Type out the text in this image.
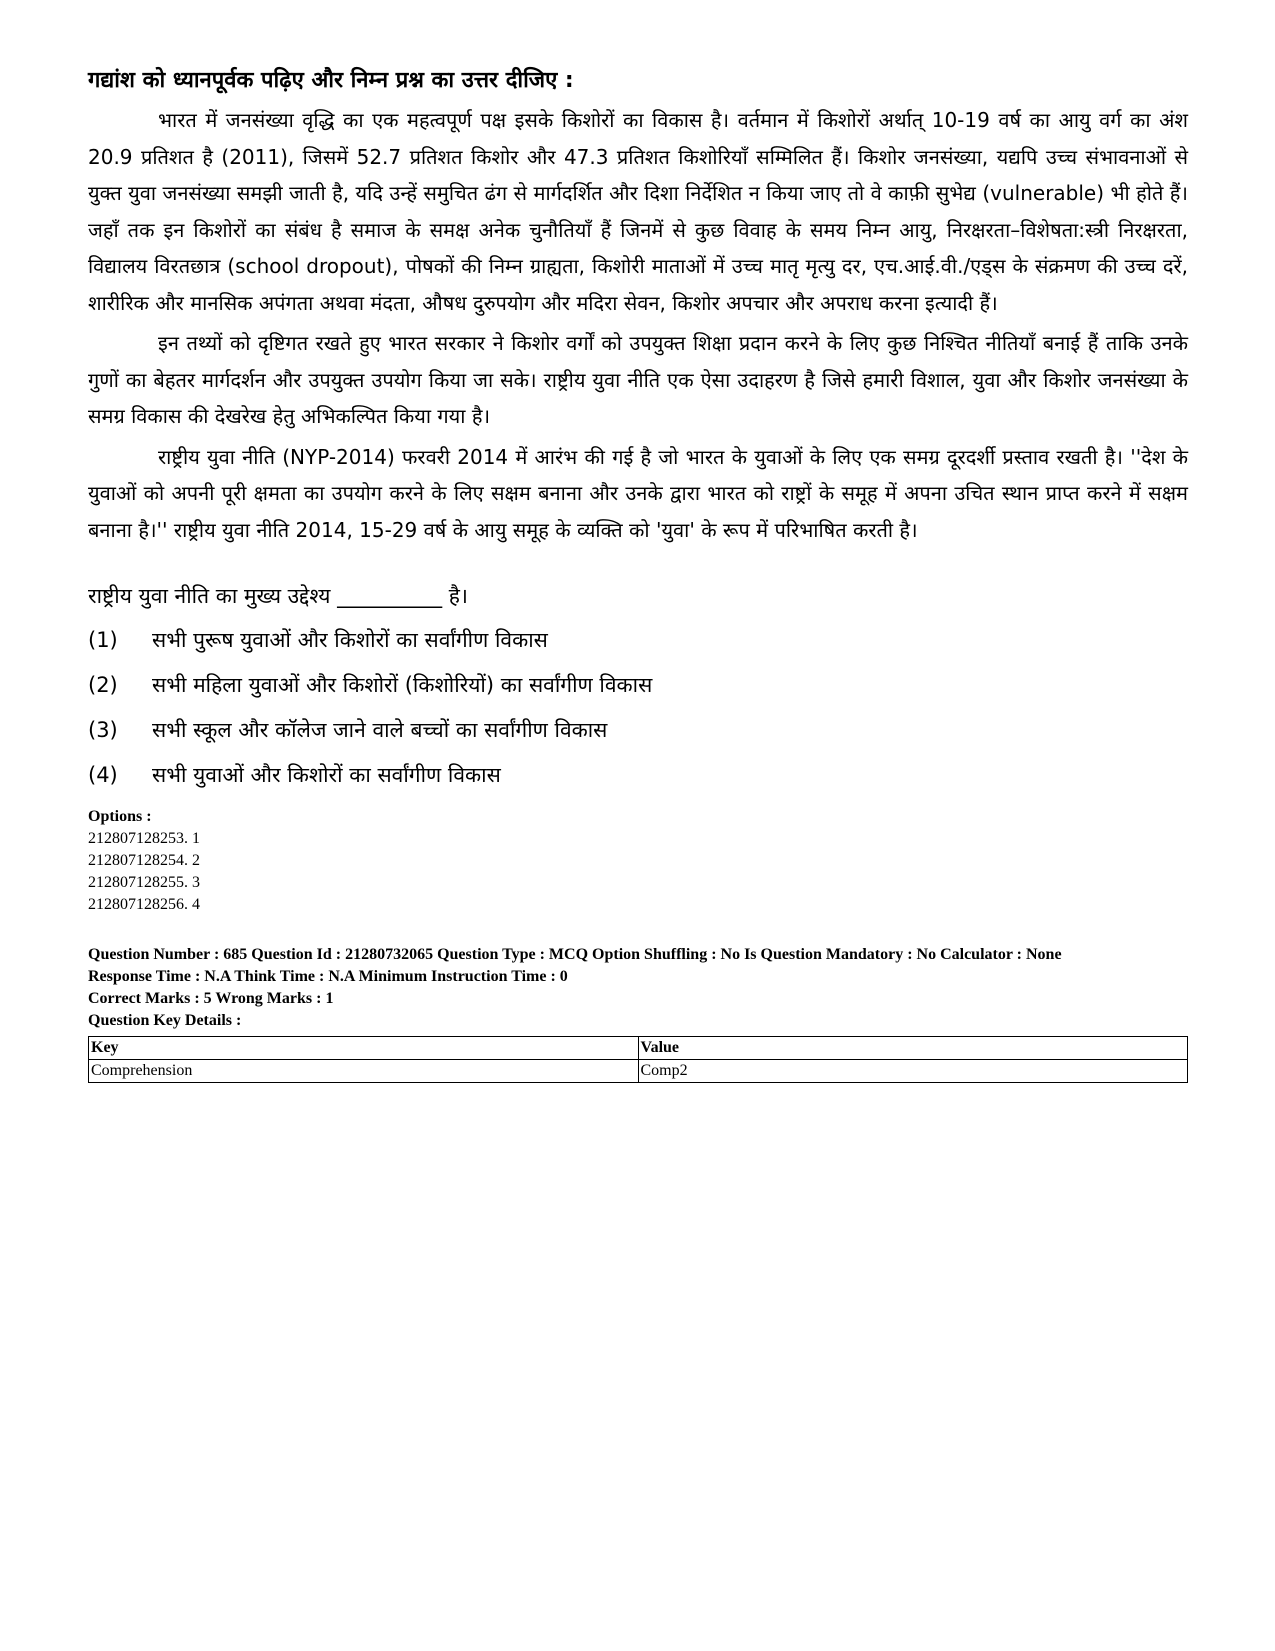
गद्यांश को ध्यानपूर्वक पढ़िए और निम्न प्रश्न का उत्तर दीजिए :

भारत में जनसंख्या वृद्धि का एक महत्वपूर्ण पक्ष इसके किशोरों का विकास है। वर्तमान में किशोरों अर्थात् 10-19 वर्ष का आयु वर्ग का अंश 20.9 प्रतिशत है (2011), जिसमें 52.7 प्रतिशत किशोर और 47.3 प्रतिशत किशोरियाँ सम्मिलित हैं। किशोर जनसंख्या, यद्यपि उच्च संभावनाओं से युक्त युवा जनसंख्या समझी जाती है, यदि उन्हें समुचित ढंग से मार्गदर्शित और दिशा निर्देशित न किया जाए तो वे काफ़ी सुभेद्य (vulnerable) भी होते हैं। जहाँ तक इन किशोरों का संबंध है समाज के समक्ष अनेक चुनौतियाँ हैं जिनमें से कुछ विवाह के समय निम्न आयु, निरक्षरता–विशेषता:स्त्री निरक्षरता, विद्यालय विरतछात्र (school dropout), पोषकों की निम्न ग्राह्यता, किशोरी माताओं में उच्च मातृ मृत्यु दर, एच.आई.वी./एड्स के संक्रमण की उच्च दरें, शारीरिक और मानसिक अपंगता अथवा मंदता, औषध दुरुपयोग और मदिरा सेवन, किशोर अपचार और अपराध करना इत्यादी हैं।

इन तथ्यों को दृष्टिगत रखते हुए भारत सरकार ने किशोर वर्गों को उपयुक्त शिक्षा प्रदान करने के लिए कुछ निश्चित नीतियाँ बनाई हैं ताकि उनके गुणों का बेहतर मार्गदर्शन और उपयुक्त उपयोग किया जा सके। राष्ट्रीय युवा नीति एक ऐसा उदाहरण है जिसे हमारी विशाल, युवा और किशोर जनसंख्या के समग्र विकास की देखरेख हेतु अभिकल्पित किया गया है।

राष्ट्रीय युवा नीति (NYP-2014) फरवरी 2014 में आरंभ की गई है जो भारत के युवाओं के लिए एक समग्र दूरदर्शी प्रस्ताव रखती है। ''देश के युवाओं को अपनी पूरी क्षमता का उपयोग करने के लिए सक्षम बनाना और उनके द्वारा भारत को राष्ट्रों के समूह में अपना उचित स्थान प्राप्त करने में सक्षम बनाना है।'' राष्ट्रीय युवा नीति 2014, 15-29 वर्ष के आयु समूह के व्यक्ति को 'युवा' के रूप में परिभाषित करती है।

राष्ट्रीय युवा नीति का मुख्य उद्देश्य __________ है।
(1)	सभी पुरूष युवाओं और किशोरों का सर्वांगीण विकास
(2)	सभी महिला युवाओं और किशोरों (किशोरियों) का सर्वांगीण विकास
(3)	सभी स्कूल और कॉलेज जाने वाले बच्चों का सर्वांगीण विकास
(4)	सभी युवाओं और किशोरों का सर्वांगीण विकास
Options :
212807128253. 1
212807128254. 2
212807128255. 3
212807128256. 4
Question Number : 685 Question Id : 21280732065 Question Type : MCQ Option Shuffling : No Is Question Mandatory : No Calculator : None
Response Time : N.A Think Time : N.A Minimum Instruction Time : 0
Correct Marks : 5 Wrong Marks : 1
Question Key Details :
Key	Value
Comprehension	Comp2
